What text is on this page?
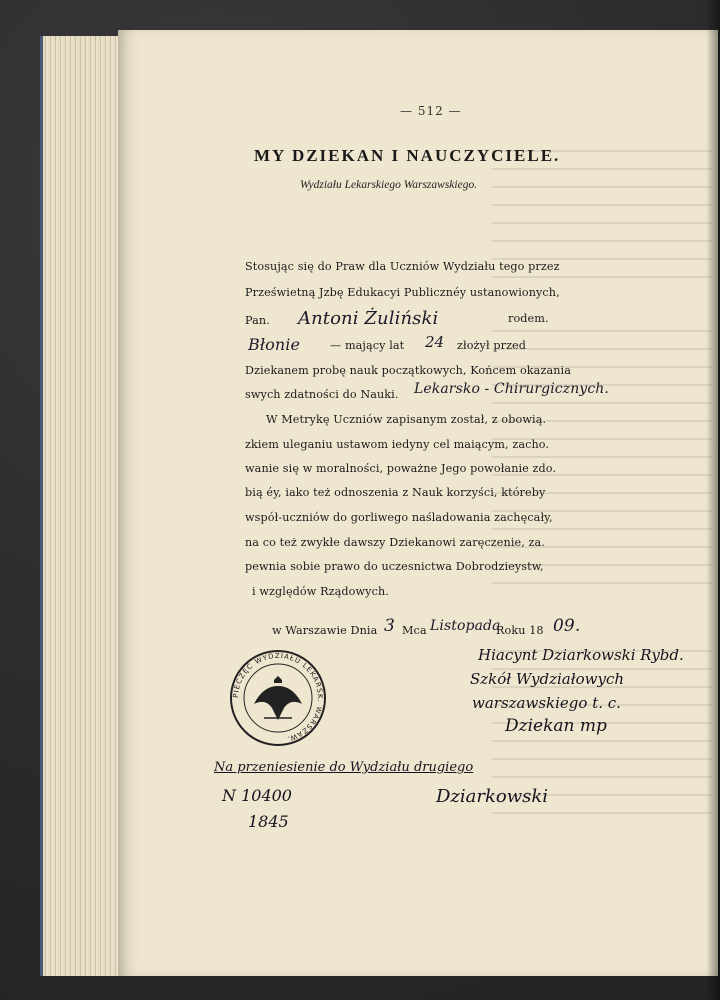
— 512 —
MY DZIEKAN I NAUCZYCIELE.
Wydziału Lekarskiego Warszawskiego.
Stosując się do Praw dla Uczniów Wydziału tego przez
Prześwietną Jzbę Edukacyi Publicznéy ustanowionych,
Pan. Antoni Żuliński	rodem.
Błonie	— mający lat 24 złożył przed
Dziekanem probę nauk początkowych, Końcem okazania
swych zdatności do Nauki. Lekarsko - Chirurgicznych.
W Metrykę Uczniów zapisanym został, z obowią.
zkiem uleganiu ustawom iedyny cel maiącym, zacho.
wanie się w moralności, poważne Jego powołanie zdo.
bią éy, iako też odnoszenia z Nauk korzyści, któreby
współ-uczniów do gorliwego naśladowania zachęcały,
na co też zwykłe dawszy Dziekanowi zaręczenie, za.
pewnia sobie prawo do uczesnictwa Dobrodzieystw,
i względów Rządowych.
w Warszawie Dnia 3 Mca Listopada
Roku 18 09.
PIECZĘĆ WYDZIAŁU LEKARSK. WARSZAW.
Hiacynt Dziarkowski Rybd.
Szkół Wydziałowych
warszawskiego t. c.
Dziekan mp
Na przeniesienie do Wydziału drugiego
N 10400
1845
Dziarkowski
